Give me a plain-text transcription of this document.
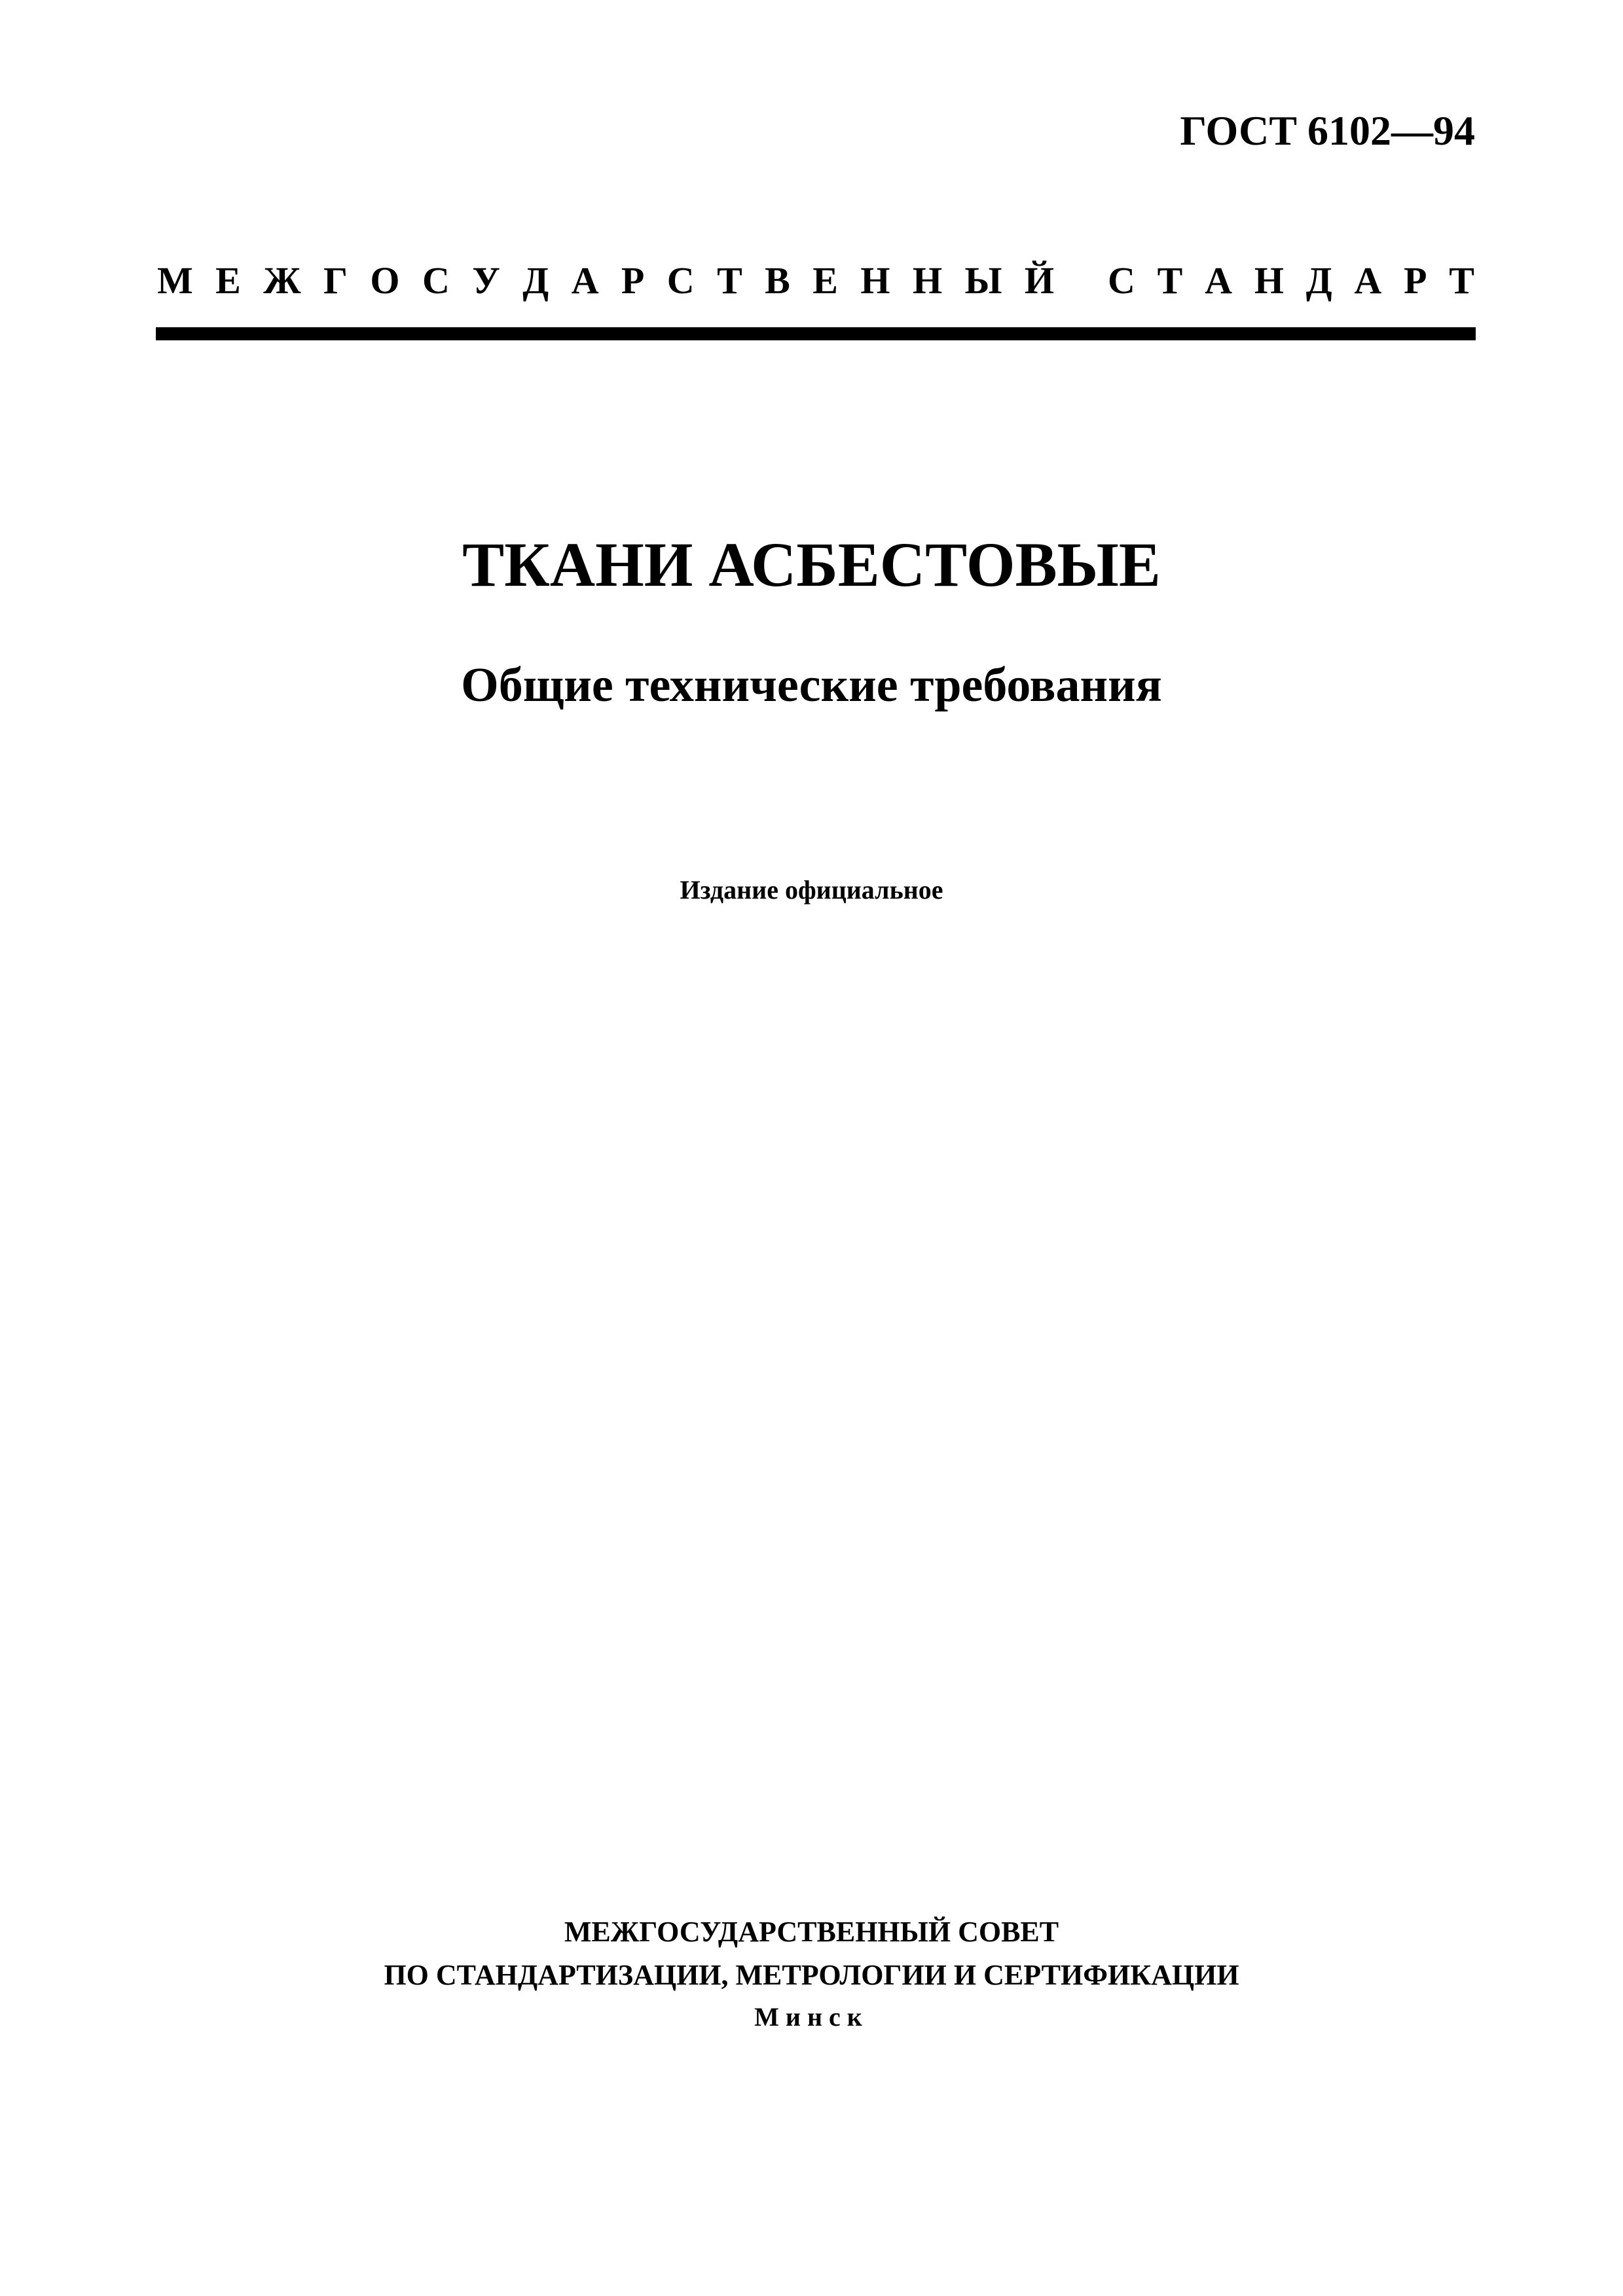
ГОСТ 6102—94
М Е Ж Г О С У Д А Р С Т В Е Н Н Ы Й С Т А Н Д А Р Т
ТКАНИ АСБЕСТОВЫЕ
Общие технические требования
Издание официальное
МЕЖГОСУДАРСТВЕННЫЙ СОВЕТ
ПО СТАНДАРТИЗАЦИИ, МЕТРОЛОГИИ И СЕРТИФИКАЦИИ
Минск
